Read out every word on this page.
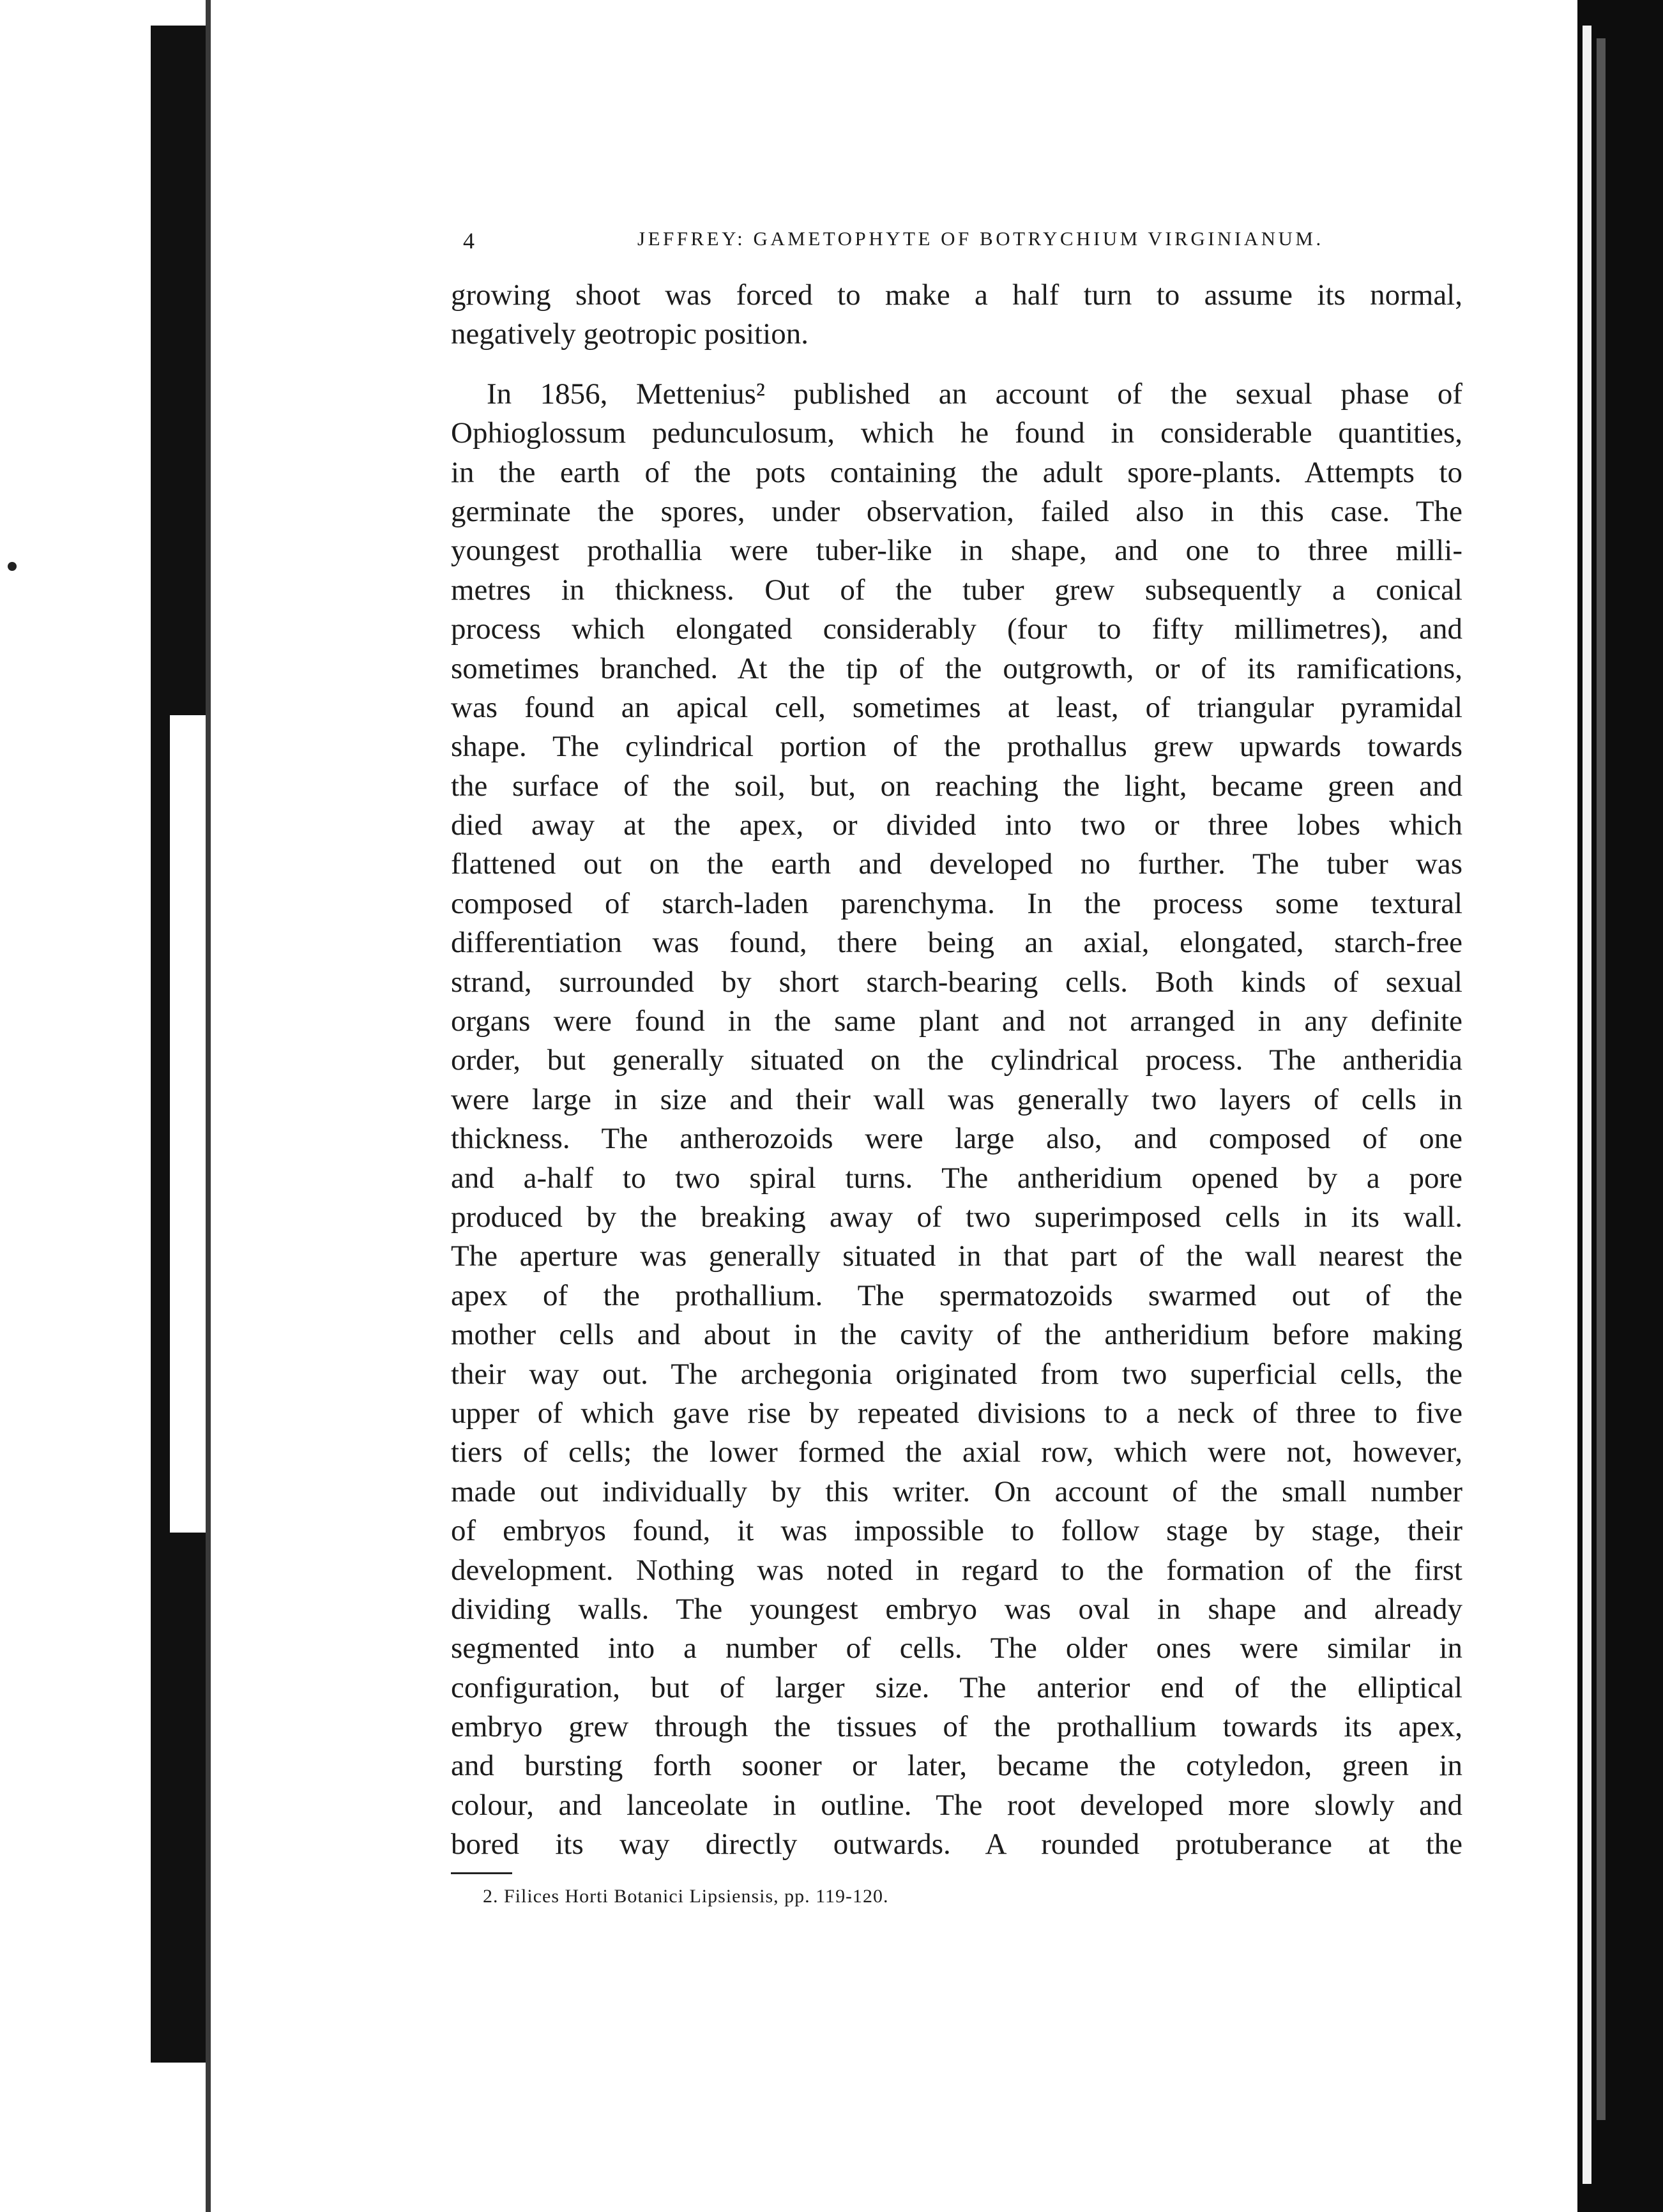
4	JEFFREY: GAMETOPHYTE OF BOTRYCHIUM VIRGINIANUM.
growing shoot was forced to make a half turn to assume its normal,
negatively geotropic position.
In 1856, Mettenius² published an account of the sexual phase of
Ophioglossum pedunculosum, which he found in considerable quantities,
in the earth of the pots containing the adult spore-plants. Attempts to
germinate the spores, under observation, failed also in this case. The
youngest prothallia were tuber-like in shape, and one to three milli-
metres in thickness. Out of the tuber grew subsequently a conical
process which elongated considerably (four to fifty millimetres), and
sometimes branched. At the tip of the outgrowth, or of its ramifications,
was found an apical cell, sometimes at least, of triangular pyramidal
shape. The cylindrical portion of the prothallus grew upwards towards
the surface of the soil, but, on reaching the light, became green and
died away at the apex, or divided into two or three lobes which
flattened out on the earth and developed no further. The tuber was
composed of starch-laden parenchyma. In the process some textural
differentiation was found, there being an axial, elongated, starch-free
strand, surrounded by short starch-bearing cells. Both kinds of sexual
organs were found in the same plant and not arranged in any definite
order, but generally situated on the cylindrical process. The antheridia
were large in size and their wall was generally two layers of cells in
thickness. The antherozoids were large also, and composed of one
and a-half to two spiral turns. The antheridium opened by a pore
produced by the breaking away of two superimposed cells in its wall.
The aperture was generally situated in that part of the wall nearest the
apex of the prothallium. The spermatozoids swarmed out of the
mother cells and about in the cavity of the antheridium before making
their way out. The archegonia originated from two superficial cells, the
upper of which gave rise by repeated divisions to a neck of three to five
tiers of cells; the lower formed the axial row, which were not, however,
made out individually by this writer. On account of the small number
of embryos found, it was impossible to follow stage by stage, their
development. Nothing was noted in regard to the formation of the first
dividing walls. The youngest embryo was oval in shape and already
segmented into a number of cells. The older ones were similar in
configuration, but of larger size. The anterior end of the elliptical
embryo grew through the tissues of the prothallium towards its apex,
and bursting forth sooner or later, became the cotyledon, green in
colour, and lanceolate in outline. The root developed more slowly and
bored its way directly outwards. A rounded protuberance at the
2. Filices Horti Botanici Lipsiensis, pp. 119-120.
